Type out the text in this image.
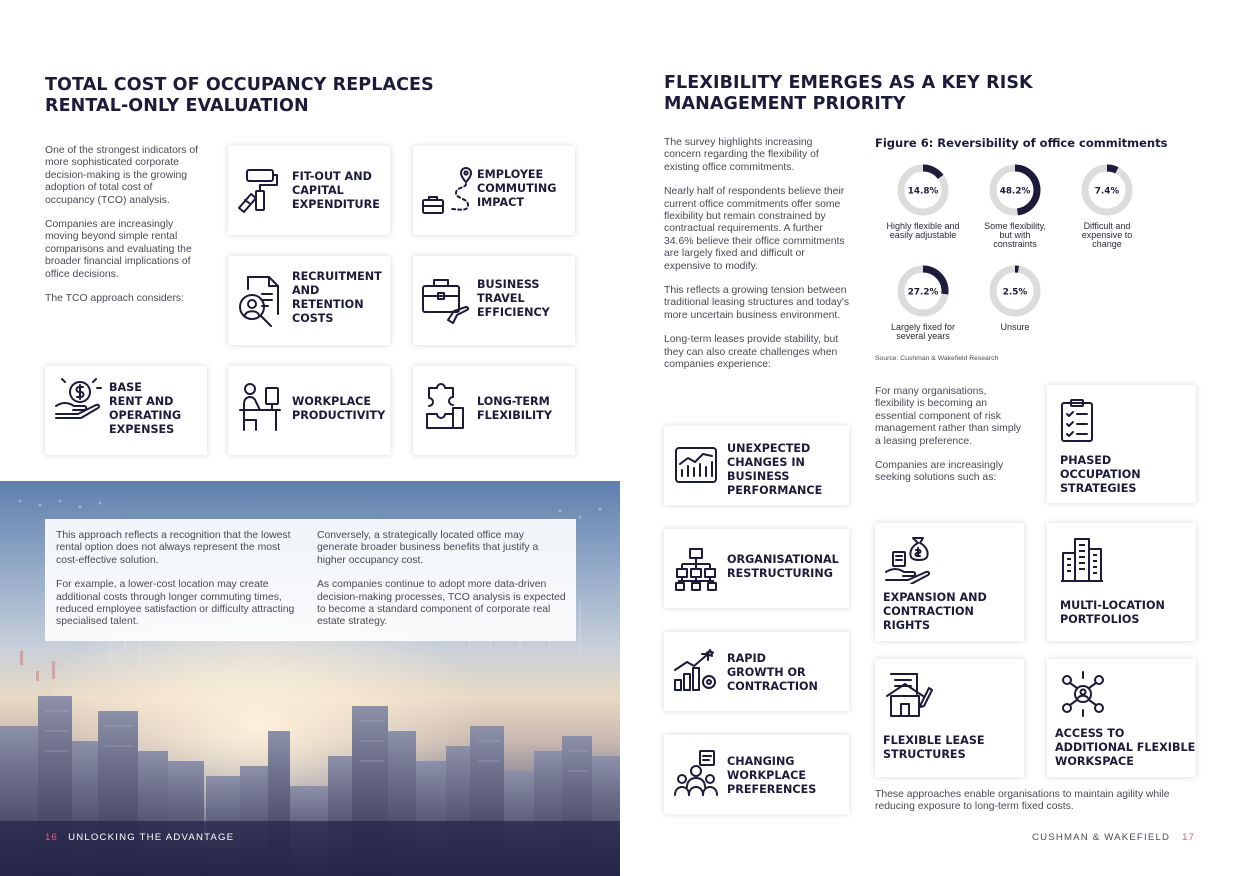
TOTAL COST OF OCCUPANCY REPLACES
RENTAL-ONLY EVALUATION

One of the strongest indicators of more sophisticated corporate decision-making is the growing adoption of total cost of occupancy (TCO) analysis.

Companies are increasingly moving beyond simple rental comparisons and evaluating the broader financial implications of office decisions.

The TCO approach considers:

FIT-OUT AND
CAPITAL
EXPENDITURE
EMPLOYEE
COMMUTING
IMPACT
RECRUITMENT
AND
RETENTION
COSTS
BUSINESS
TRAVEL
EFFICIENCY
BASE
RENT AND
OPERATING
EXPENSES
WORKPLACE
PRODUCTIVITY
LONG-TERM
FLEXIBILITY

This approach reflects a recognition that the lowest rental option does not always represent the most cost-effective solution.

For example, a lower-cost location may create additional costs through longer commuting times, reduced employee satisfaction or difficulty attracting specialised talent.

Conversely, a strategically located office may generate broader business benefits that justify a higher occupancy cost.

As companies continue to adopt more data-driven decision-making processes, TCO analysis is expected to become a standard component of corporate real estate strategy.

16 UNLOCKING THE ADVANTAGE
FLEXIBILITY EMERGES AS A KEY RISK
MANAGEMENT PRIORITY

The survey highlights increasing concern regarding the flexibility of existing office commitments.

Nearly half of respondents believe their current office commitments offer some flexibility but remain constrained by contractual requirements. A further 34.6% believe their office commitments are largely fixed and difficult or expensive to modify.

This reflects a growing tension between traditional leasing structures and today's more uncertain business environment.

Long-term leases provide stability, but they can also create challenges when companies experience:

UNEXPECTED
CHANGES IN
BUSINESS
PERFORMANCE
ORGANISATIONAL
RESTRUCTURING
RAPID
GROWTH OR
CONTRACTION
CHANGING
WORKPLACE
PREFERENCES
Figure 6: Reversibility of office commitments
14.8%
Highly flexible and
easily adjustable
48.2%
Some flexibility,
but with
constraints
7.4%
Difficult and
expensive to
change
27.2%
Largely fixed for
several years
2.5%
Unsure
Source: Cushman & Wakefield Research

For many organisations, flexibility is becoming an essential component of risk management rather than simply a leasing preference.

Companies are increasingly seeking solutions such as:

PHASED
OCCUPATION
STRATEGIES
EXPANSION AND
CONTRACTION
RIGHTS
MULTI-LOCATION
PORTFOLIOS
FLEXIBLE LEASE
STRUCTURES
ACCESS TO
ADDITIONAL FLEXIBLE
WORKSPACE
These approaches enable organisations to maintain agility while reducing exposure to long-term fixed costs.
CUSHMAN & WAKEFIELD 17
